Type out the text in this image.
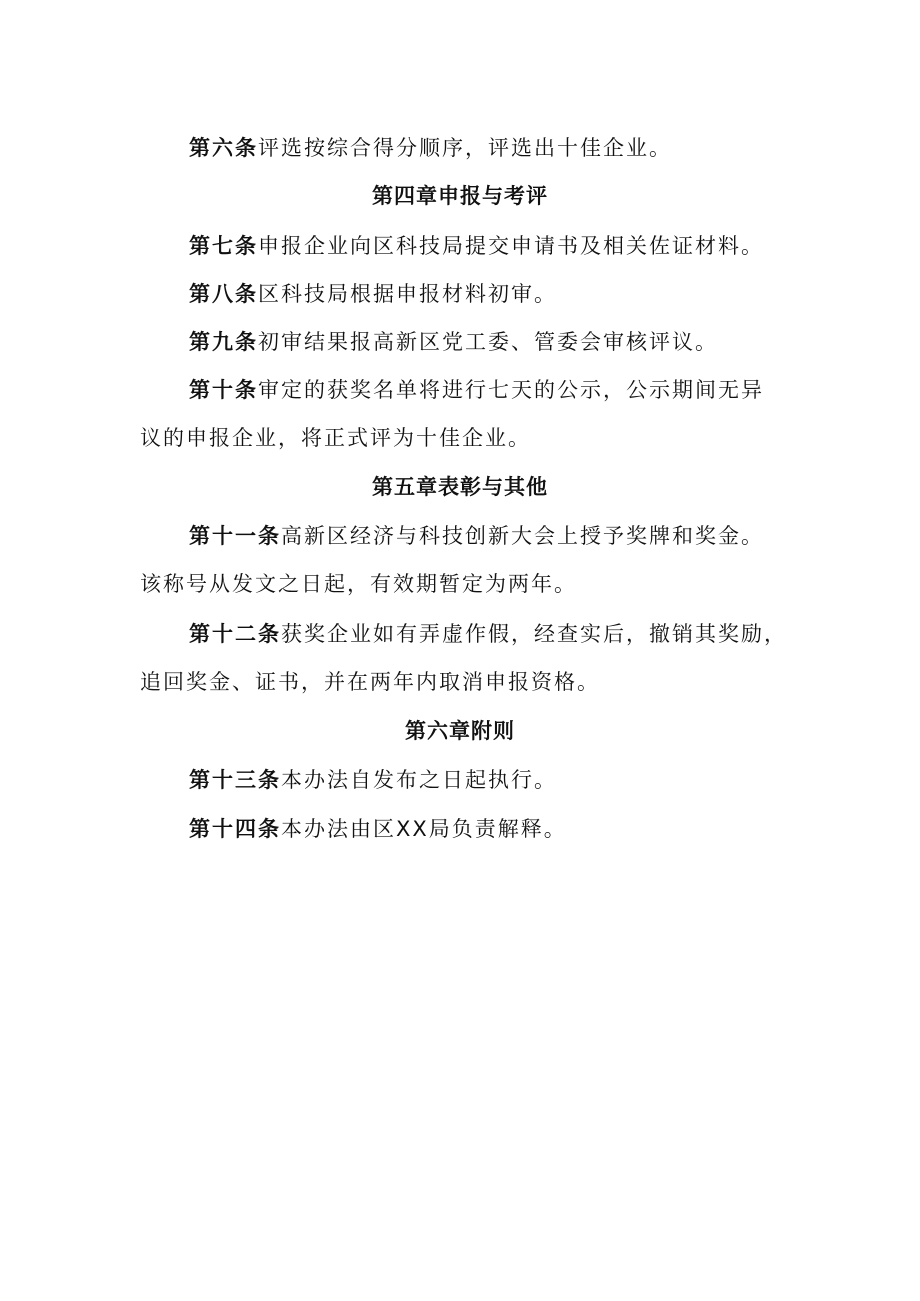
第六条评选按综合得分顺序，评选出十佳企业。
第四章申报与考评
第七条申报企业向区科技局提交申请书及相关佐证材料。
第八条区科技局根据申报材料初审。
第九条初审结果报高新区党工委、管委会审核评议。
第十条审定的获奖名单将进行七天的公示，公示期间无异
议的申报企业，将正式评为十佳企业。
第五章表彰与其他
第十一条高新区经济与科技创新大会上授予奖牌和奖金。
该称号从发文之日起，有效期暂定为两年。
第十二条获奖企业如有弄虚作假，经查实后，撤销其奖励，
追回奖金、证书，并在两年内取消申报资格。
第六章附则
第十三条本办法自发布之日起执行。
第十四条本办法由区XX局负责解释。
